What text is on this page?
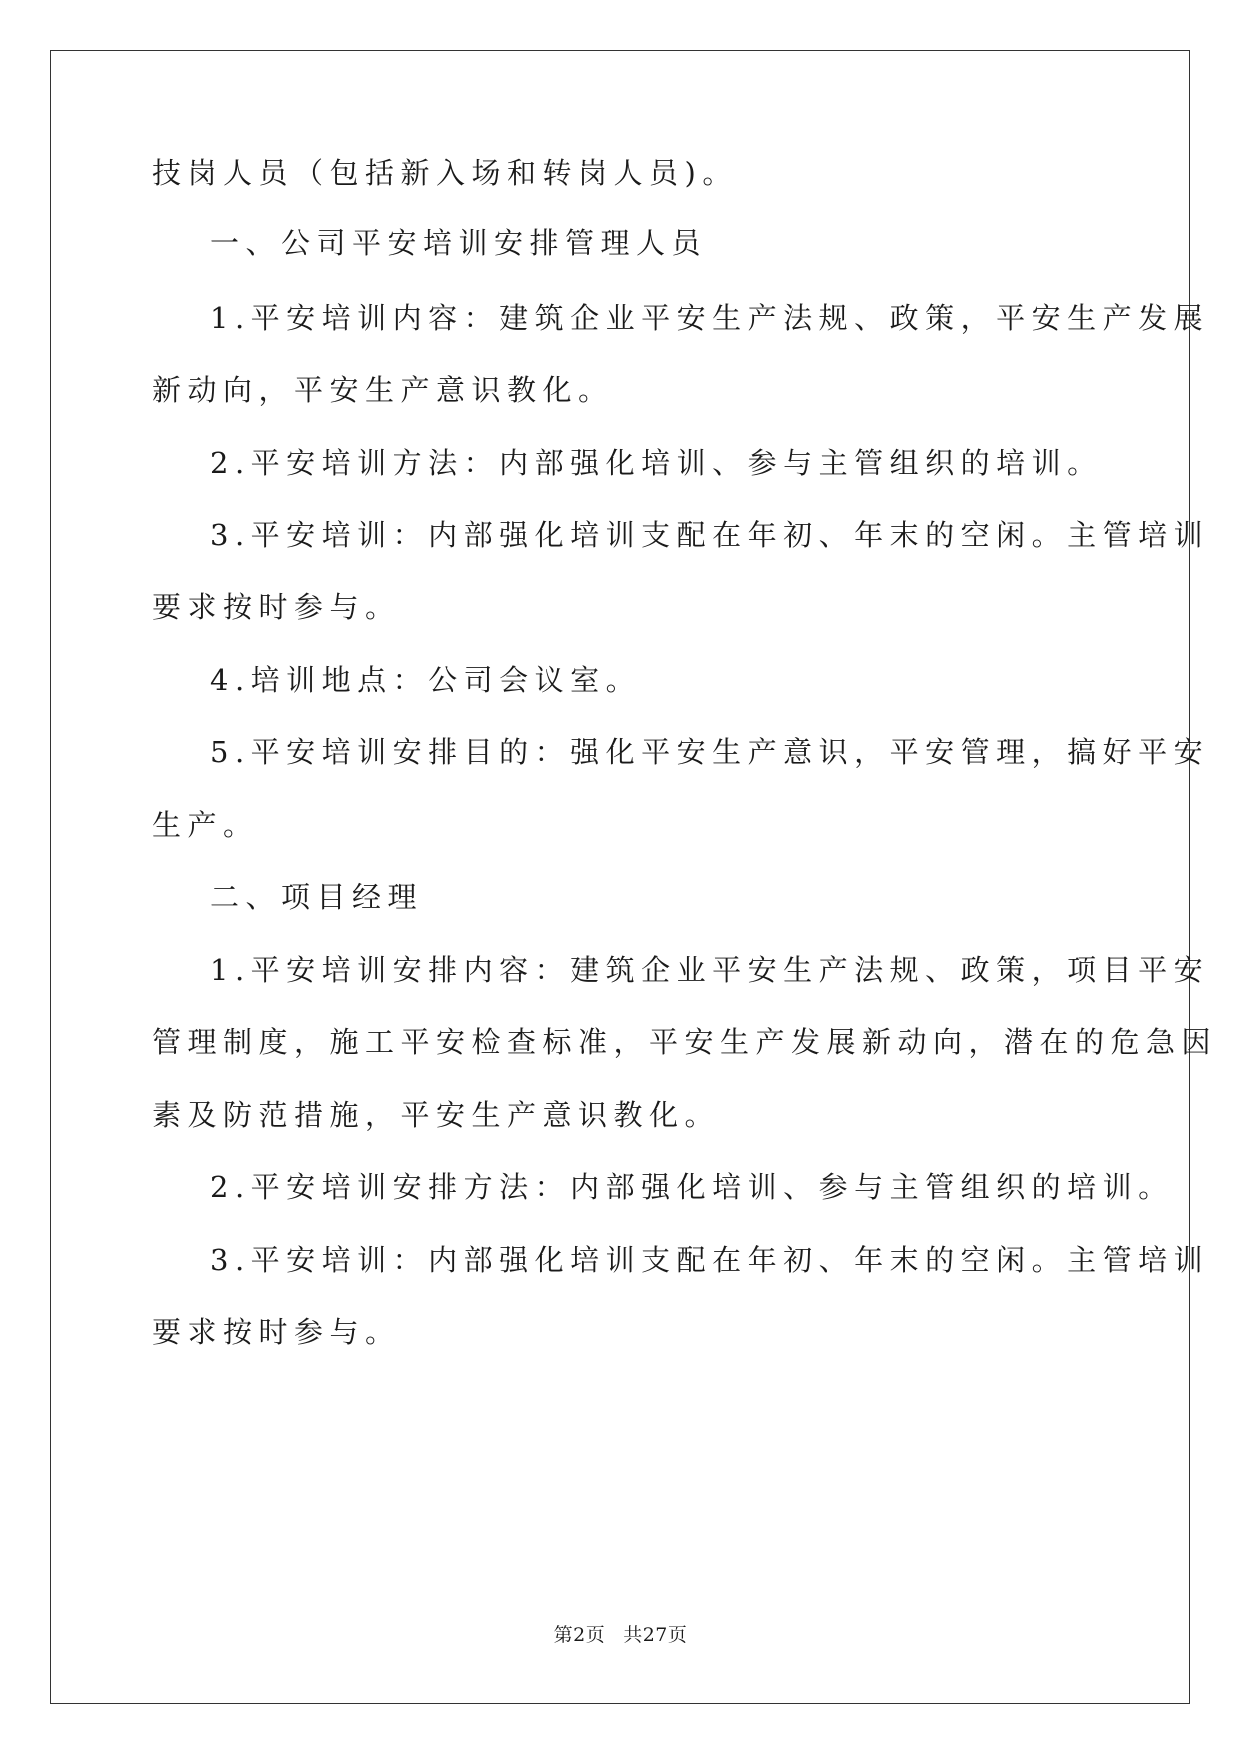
技岗人员（包括新入场和转岗人员)。
一、公司平安培训安排管理人员
1.平安培训内容：建筑企业平安生产法规、政策，平安生产发展
新动向，平安生产意识教化。
2.平安培训方法：内部强化培训、参与主管组织的培训。
3.平安培训：内部强化培训支配在年初、年末的空闲。主管培训
要求按时参与。
4.培训地点：公司会议室。
5.平安培训安排目的：强化平安生产意识，平安管理，搞好平安
生产。
二、项目经理
1.平安培训安排内容：建筑企业平安生产法规、政策，项目平安
管理制度，施工平安检查标准，平安生产发展新动向，潜在的危急因
素及防范措施，平安生产意识教化。
2.平安培训安排方法：内部强化培训、参与主管组织的培训。
3.平安培训：内部强化培训支配在年初、年末的空闲。主管培训
要求按时参与。
第2页 共27页
